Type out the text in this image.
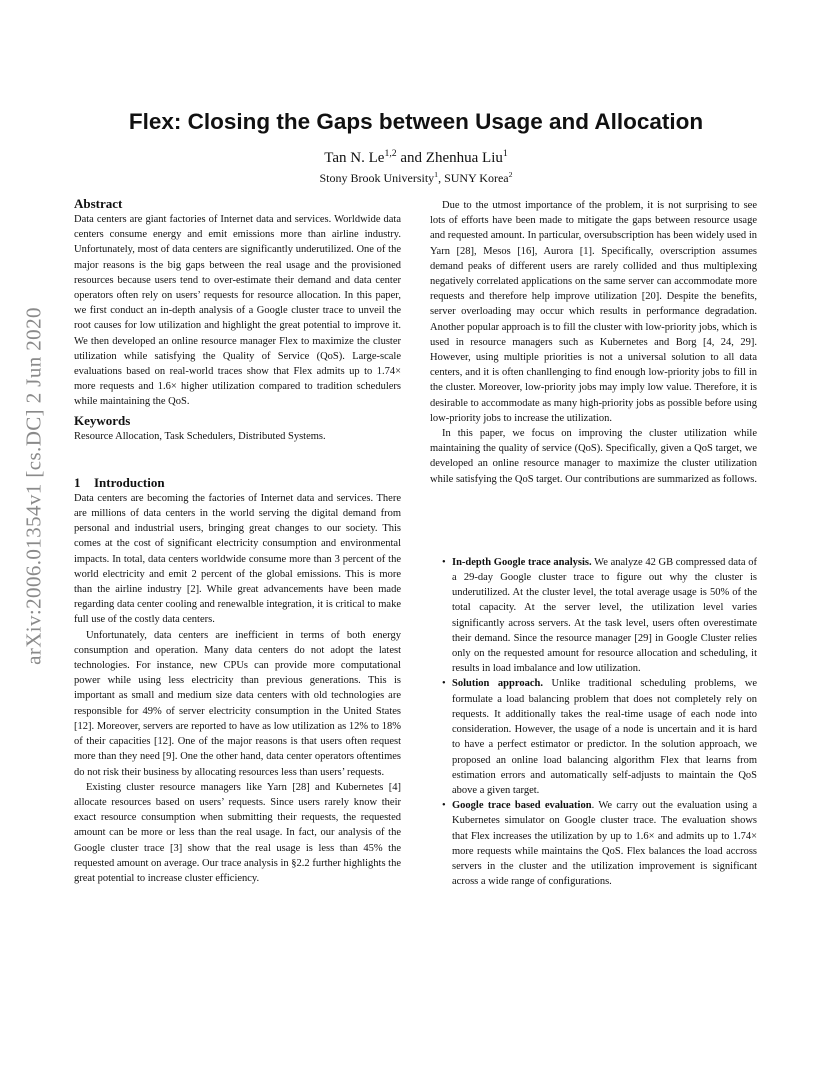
arXiv:2006.01354v1 [cs.DC] 2 Jun 2020
Flex: Closing the Gaps between Usage and Allocation
Tan N. Le$^{1,2}$ and Zhenhua Liu$^1$
Stony Brook University$^1$, SUNY Korea$^2$
Abstract

Data centers are giant factories of Internet data and services. Worldwide data centers consume energy and emit emissions more than airline industry. Unfortunately, most of data centers are significantly underutilized. One of the major reasons is the big gaps between the real usage and the provisioned resources because users tend to over-estimate their demand and data center operators often rely on users’ requests for resource allocation. In this paper, we first conduct an in-depth analysis of a Google cluster trace to unveil the root causes for low utilization and highlight the great potential to improve it. We then developed an online resource manager Flex to maximize the cluster utilization while satisfying the Quality of Service (QoS). Large-scale evaluations based on real-world traces show that Flex admits up to 1.74× more requests and 1.6× higher utilization compared to tradition schedulers while maintaining the QoS.

Keywords

Resource Allocation, Task Schedulers, Distributed Systems.

1 Introduction

Data centers are becoming the factories of Internet data and services. There are millions of data centers in the world serving the digital demand from personal and industrial users, bringing great changes to our society. This comes at the cost of significant electricity consumption and environmental impacts. In total, data centers worldwide consume more than 3 percent of the world electricity and emit 2 percent of the global emissions. This is more than the airline industry [2]. While great advancements have been made regarding data center cooling and renewalble integration, it is critical to make full use of the costly data centers.

Unfortunately, data centers are inefficient in terms of both energy consumption and operation. Many data centers do not adopt the latest technologies. For instance, new CPUs can provide more computational power while using less electricity than previous generations. This is important as small and medium size data centers with old technologies are responsible for 49% of server electricity consumption in the United States [12]. Moreover, servers are reported to have as low utilization as 12% to 18% of their capacities [12]. One of the major reasons is that users often request more than they need [9]. One the other hand, data center operators oftentimes do not risk their business by allocating resources less than users’ requests.

Existing cluster resource managers like Yarn [28] and Kubernetes [4] allocate resources based on users’ requests. Since users rarely know their exact resource consumption when submitting their requests, the requested amount can be more or less than the real usage. In fact, our analysis of the Google cluster trace [3] show that the real usage is less than 45% the requested amount on average. Our trace analysis in §2.2 further highlights the great potential to increase cluster efficiency.

Due to the utmost importance of the problem, it is not surprising to see lots of efforts have been made to mitigate the gaps between resource usage and requested amount. In particular, oversubscription has been widely used in Yarn [28], Mesos [16], Aurora [1]. Specifically, overscription assumes demand peaks of different users are rarely collided and thus multiplexing negatively correlated applications on the same server can accommodate more requests and therefore help improve utilization [20]. Despite the benefits, server overloading may occur which results in performance degradation. Another popular approach is to fill the cluster with low-priority jobs, which is used in resource managers such as Kubernetes and Borg [4, 24, 29]. However, using multiple priorities is not a universal solution to all data centers, and it is often chanllenging to find enough low-priority jobs to fill in the cluster. Moreover, low-priority jobs may imply low value. Therefore, it is desirable to accommodate as many high-priority jobs as possible before using low-priority jobs to increase the utilization.

In this paper, we focus on improving the cluster utilization while maintaining the quality of service (QoS). Specifically, given a QoS target, we developed an online resource manager to maximize the cluster utilization while satisfying the QoS target. Our contributions are summarized as follows.

• In-depth Google trace analysis. We analyze 42 GB compressed data of a 29-day Google cluster trace to figure out why the cluster is underutilized. At the cluster level, the total average usage is 50% of the total capacity. At the server level, the utilization level varies significantly across servers. At the task level, users often overestimate their demand. Since the resource manager [29] in Google Cluster relies only on the requested amount for resource allocation and scheduling, it results in load imbalance and low utilization.
• Solution approach. Unlike traditional scheduling problems, we formulate a load balancing problem that does not completely rely on requests. It additionally takes the real-time usage of each node into consideration. However, the usage of a node is uncertain and it is hard to have a perfect estimator or predictor. In the solution approach, we proposed an online load balancing algorithm Flex that learns from estimation errors and automatically self-adjusts to maintain the QoS above a given target.
• Google trace based evaluation. We carry out the evaluation using a Kubernetes simulator on Google cluster trace. The evaluation shows that Flex increases the utilization by up to 1.6× and admits up to 1.74× more requests while maintains the QoS. Flex balances the load accross servers in the cluster and the utilization improvement is significant across a wide range of configurations.
